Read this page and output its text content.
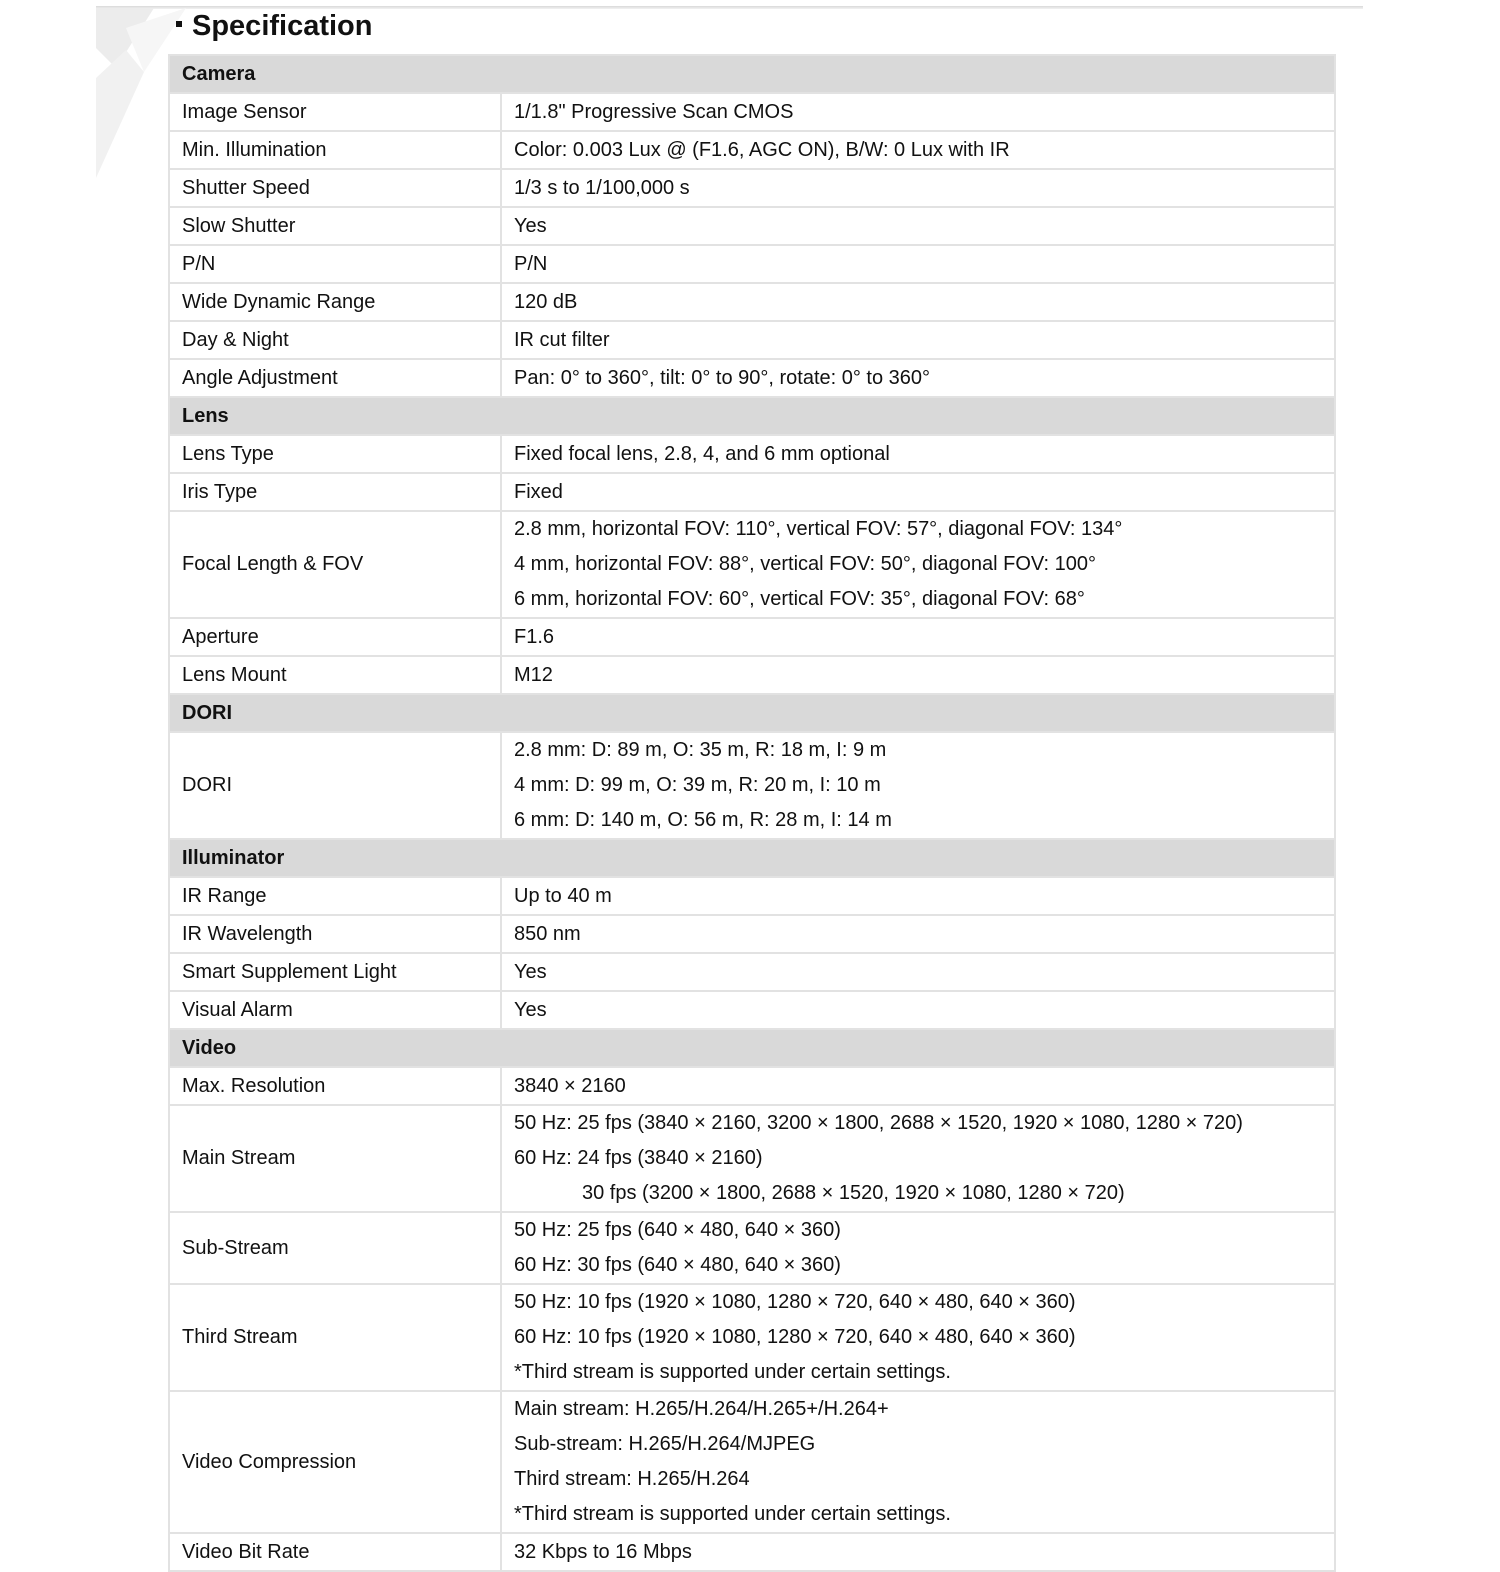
Specification
Camera	
Image Sensor	1/1.8" Progressive Scan CMOS

Min. Illumination	Color: 0.003 Lux @ (F1.6, AGC ON), B/W: 0 Lux with IR

Shutter Speed	1/3 s to 1/100,000 s

Slow Shutter	Yes

P/N	P/N

Wide Dynamic Range	120 dB

Day & Night	IR cut filter

Angle Adjustment	Pan: 0° to 360°, tilt: 0° to 90°, rotate: 0° to 360°

Lens	
Lens Type	Fixed focal lens, 2.8, 4, and 6 mm optional

Iris Type	Fixed

Focal Length & FOV	2.8 mm, horizontal FOV: 110°, vertical FOV: 57°, diagonal FOV: 134°
4 mm, horizontal FOV: 88°, vertical FOV: 50°, diagonal FOV: 100°
6 mm, horizontal FOV: 60°, vertical FOV: 35°, diagonal FOV: 68°

Aperture	F1.6

Lens Mount	M12

DORI	
DORI	2.8 mm: D: 89 m, O: 35 m, R: 18 m, I: 9 m
4 mm: D: 99 m, O: 39 m, R: 20 m, I: 10 m
6 mm: D: 140 m, O: 56 m, R: 28 m, I: 14 m

Illuminator	
IR Range	Up to 40 m

IR Wavelength	850 nm

Smart Supplement Light	Yes

Visual Alarm	Yes

Video	
Max. Resolution	3840 × 2160

Main Stream	50 Hz: 25 fps (3840 × 2160, 3200 × 1800, 2688 × 1520, 1920 × 1080, 1280 × 720)
60 Hz: 24 fps (3840 × 2160)
30 fps (3200 × 1800, 2688 × 1520, 1920 × 1080, 1280 × 720)

Sub-Stream	50 Hz: 25 fps (640 × 480, 640 × 360)
60 Hz: 30 fps (640 × 480, 640 × 360)

Third Stream	50 Hz: 10 fps (1920 × 1080, 1280 × 720, 640 × 480, 640 × 360)
60 Hz: 10 fps (1920 × 1080, 1280 × 720, 640 × 480, 640 × 360)
*Third stream is supported under certain settings.

Video Compression	Main stream: H.265/H.264/H.265+/H.264+
Sub-stream: H.265/H.264/MJPEG
Third stream: H.265/H.264
*Third stream is supported under certain settings.

Video Bit Rate	32 Kbps to 16 Mbps
